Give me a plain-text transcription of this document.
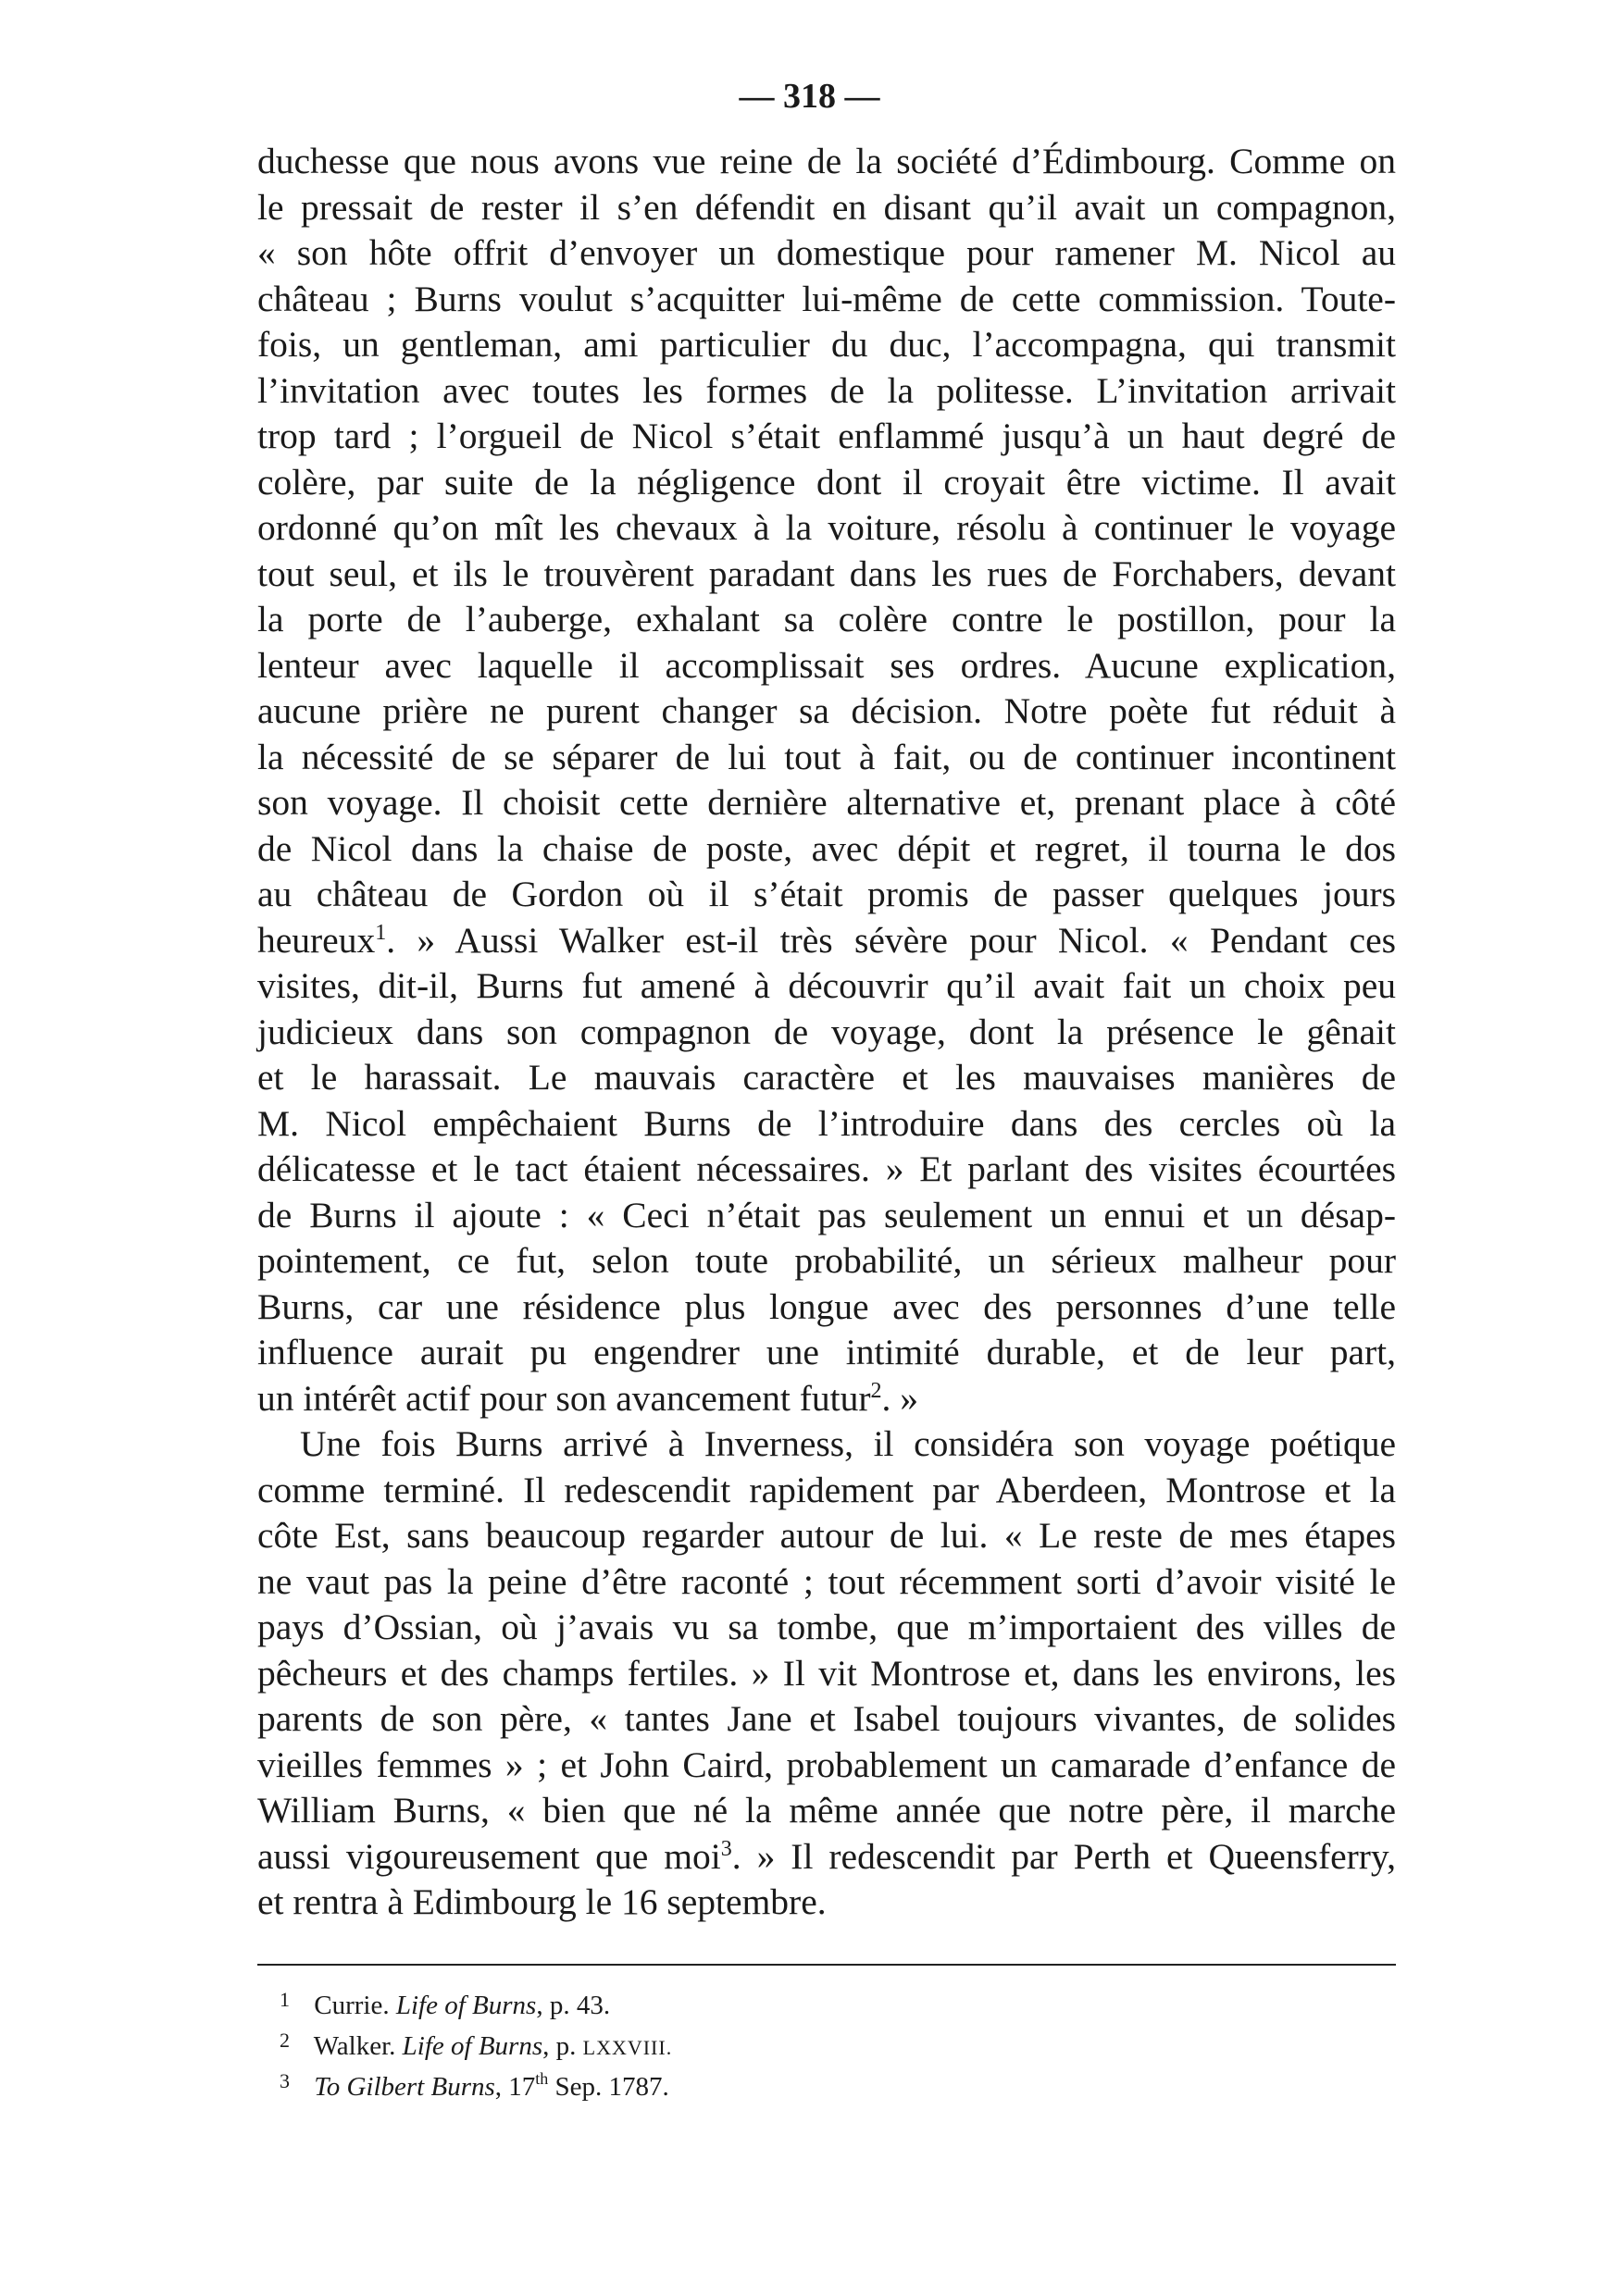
— 318 —
duchesse que nous avons vue reine de la société d’Édimbourg. Comme on
le pressait de rester il s’en défendit en disant qu’il avait un compagnon,
« son hôte offrit d’envoyer un domestique pour ramener M. Nicol au
château ; Burns voulut s’acquitter lui-même de cette commission. Toute-
fois, un gentleman, ami particulier du duc, l’accompagna, qui transmit
l’invitation avec toutes les formes de la politesse. L’invitation arrivait
trop tard ; l’orgueil de Nicol s’était enflammé jusqu’à un haut degré de
colère, par suite de la négligence dont il croyait être victime. Il avait
ordonné qu’on mît les chevaux à la voiture, résolu à continuer le voyage
tout seul, et ils le trouvèrent paradant dans les rues de Forchabers, devant
la porte de l’auberge, exhalant sa colère contre le postillon, pour la
lenteur avec laquelle il accomplissait ses ordres. Aucune explication,
aucune prière ne purent changer sa décision. Notre poète fut réduit à
la nécessité de se séparer de lui tout à fait, ou de continuer incontinent
son voyage. Il choisit cette dernière alternative et, prenant place à côté
de Nicol dans la chaise de poste, avec dépit et regret, il tourna le dos
au château de Gordon où il s’était promis de passer quelques jours
heureux$^1$. » Aussi Walker est-il très sévère pour Nicol. « Pendant ces
visites, dit-il, Burns fut amené à découvrir qu’il avait fait un choix peu
judicieux dans son compagnon de voyage, dont la présence le gênait
et le harassait. Le mauvais caractère et les mauvaises manières de
M. Nicol empêchaient Burns de l’introduire dans des cercles où la
délicatesse et le tact étaient nécessaires. » Et parlant des visites écourtées
de Burns il ajoute : « Ceci n’était pas seulement un ennui et un désap-
pointement, ce fut, selon toute probabilité, un sérieux malheur pour
Burns, car une résidence plus longue avec des personnes d’une telle
influence aurait pu engendrer une intimité durable, et de leur part,
un intérêt actif pour son avancement futur$^2$. »
Une fois Burns arrivé à Inverness, il considéra son voyage poétique
comme terminé. Il redescendit rapidement par Aberdeen, Montrose et la
côte Est, sans beaucoup regarder autour de lui. « Le reste de mes étapes
ne vaut pas la peine d’être raconté ; tout récemment sorti d’avoir visité le
pays d’Ossian, où j’avais vu sa tombe, que m’importaient des villes de
pêcheurs et des champs fertiles. » Il vit Montrose et, dans les environs, les
parents de son père, « tantes Jane et Isabel toujours vivantes, de solides
vieilles femmes » ; et John Caird, probablement un camarade d’enfance de
William Burns, « bien que né la même année que notre père, il marche
aussi vigoureusement que moi$^3$. » Il redescendit par Perth et Queensferry,
et rentra à Edimbourg le 16 septembre.
1 Currie. Life of Burns, p. 43.
2 Walker. Life of Burns, p. LXXVIII.
3 To Gilbert Burns, 17th Sep. 1787.
